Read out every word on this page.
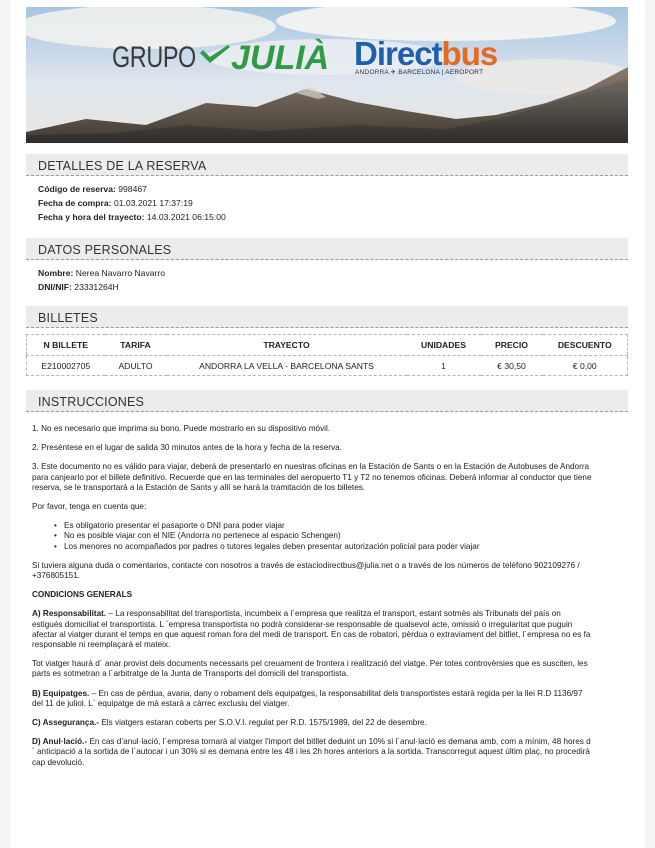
GRUPO JULIÀ Directbus
ANDORRA ✈ BARCELONA | AEROPORT
DETALLES DE LA RESERVA
Código de reserva: 998467
Fecha de compra: 01.03.2021 17:37:19
Fecha y hora del trayecto: 14.03.2021 06:15:00
DATOS PERSONALES
Nombre: Nerea Navarro Navarro
DNI/NIF: 23331264H
BILLETES
N BILLETE	TARIFA	TRAYECTO	UNIDADES	PRECIO	DESCUENTO
E210002705	ADULTO	ANDORRA LA VELLA - BARCELONA SANTS	1	€ 30,50	€ 0,00
INSTRUCCIONES

1. No es necesario que imprima su bono. Puede mostrarlo en su dispositivo móvil.

2. Preséntese en el lugar de salida 30 minutos antes de la hora y fecha de la reserva.

3. Este documento no es válido para viajar, deberá de presentarlo en nuestras oficinas en la Estación de Sants o en la Estación de Autobuses de Andorra para canjearlo por el billete definitivo. Recuerde que en las terminales del aeropuerto T1 y T2 no tenemos oficinas. Deberá informar al conductor que tiene reserva, se le transportará a la Estación de Sants y allí se hará la tramitación de los billetes.

Por favor, tenga en cuenta que:

• Es obligatorio presentar el pasaporte o DNI para poder viajar
• No es posible viajar con el NIE (Andorra no pertenece al espacio Schengen)
• Los menores no acompañados por padres o tutores legales deben presentar autorización policial para poder viajar

Si tuviera alguna duda o comentarios, contacte con nosotros a través de estaciodirectbus@julia.net o a través de los números de teléfono 902109276 / +376805151.

CONDICIONS GENERALS

A) Responsabilitat. – La responsabilitat del transportista, incumbeix a l´empresa que realitza el transport, estant sotmès als Tribunals del país on estigués domiciliat el transportista. L ´empresa transportista no podrà considerar-se responsable de qualsevol acte, omissió o irregularitat que puguin afectar al viatger durant el temps en que aquest roman fora del medi de transport. En cas de robatori, pèrdua o extraviament del bitllet, l´empresa no es fa responsable ni reemplaçarà el mateix.

Tot viatger haurà d´ anar provist dels documents necessaris pel creuament de frontera i realització del viatge. Per totes controvèrsies que es susciten, les parts es sotmetran a l´arbitratge de la Junta de Transports del domicili del transportista.

B) Equipatges. – En cas de pèrdua, avaria, dany o robament dels equipatges, la responsabilitat dels transportistes estarà regida per la llei R.D 1136/97 del 11 de juliol. L` equipatge de mà estarà a càrrec exclusiu del viatger.

C) Assegurança.- Els viatgers estaran coberts per S.O.V.I. regulat per R.D. 1575/1989, del 22 de desembre.

D) Anul·lació.- En cas d’anul·lació, l´empresa tornarà al viatger l'import del bitllet deduint un 10% si l´anul·lació es demana amb, com a mínim, 48 hores d´ anticipació a la sortida de l´autocar i un 30% si es demana entre les 48 i les 2h hores anteriors a la sortida. Transcorregut aquest últim plaç, no procedirà cap devolució.
